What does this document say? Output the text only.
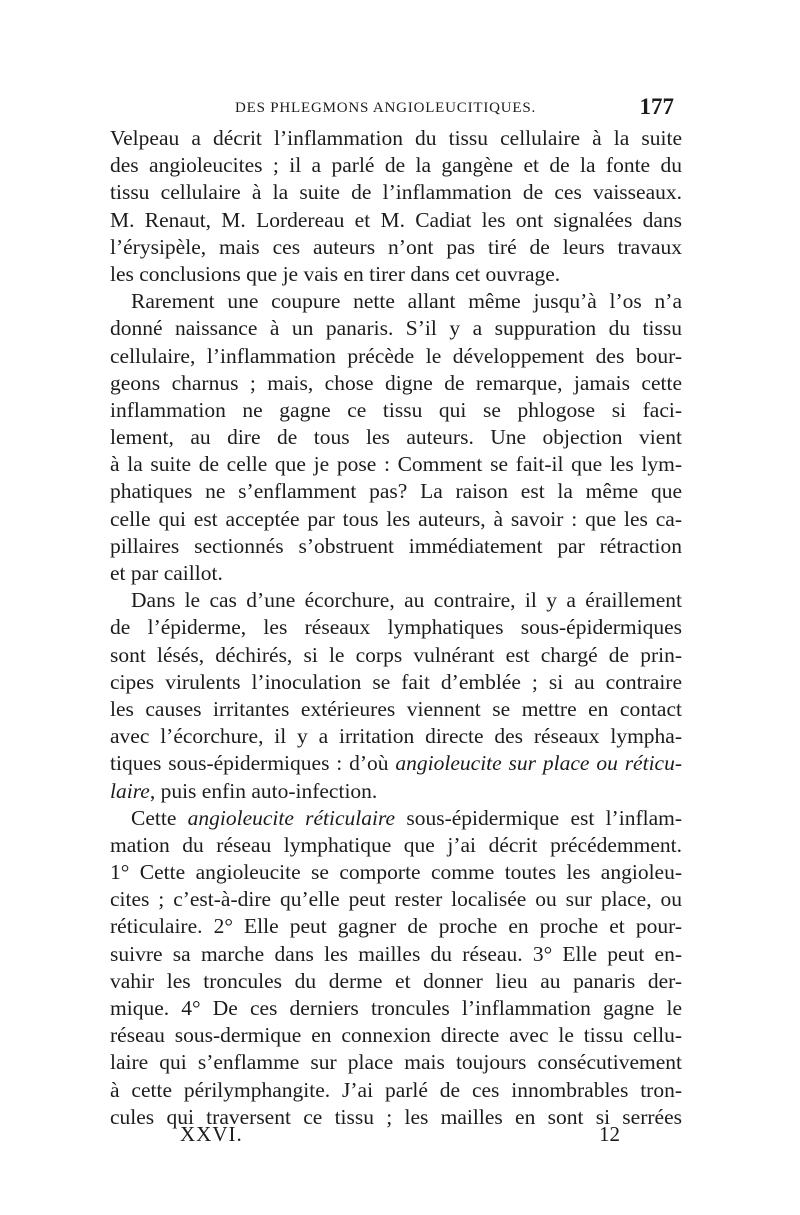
DES PHLEGMONS ANGIOLEUCITIQUES.	177
Velpeau a décrit l’inflammation du tissu cellulaire à la suite
des angioleucites ; il a parlé de la gangène et de la fonte du
tissu cellulaire à la suite de l’inflammation de ces vaisseaux.
M. Renaut, M. Lordereau et M. Cadiat les ont signalées dans
l’érysipèle, mais ces auteurs n’ont pas tiré de leurs travaux
les conclusions que je vais en tirer dans cet ouvrage.
Rarement une coupure nette allant même jusqu’à l’os n’a
donné naissance à un panaris. S’il y a suppuration du tissu
cellulaire, l’inflammation précède le développement des bour-
geons charnus ; mais, chose digne de remarque, jamais cette
inflammation ne gagne ce tissu qui se phlogose si faci-
lement, au dire de tous les auteurs. Une objection vient
à la suite de celle que je pose : Comment se fait-il que les lym-
phatiques ne s’enflamment pas? La raison est la même que
celle qui est acceptée par tous les auteurs, à savoir : que les ca-
pillaires sectionnés s’obstruent immédiatement par rétraction
et par caillot.
Dans le cas d’une écorchure, au contraire, il y a éraillement
de l’épiderme, les réseaux lymphatiques sous-épidermiques
sont lésés, déchirés, si le corps vulnérant est chargé de prin-
cipes virulents l’inoculation se fait d’emblée ; si au contraire
les causes irritantes extérieures viennent se mettre en contact
avec l’écorchure, il y a irritation directe des réseaux lympha-
tiques sous-épidermiques : d’où angioleucite sur place ou réticu-
laire, puis enfin auto-infection.
Cette angioleucite réticulaire sous-épidermique est l’inflam-
mation du réseau lymphatique que j’ai décrit précédemment.
1° Cette angioleucite se comporte comme toutes les angioleu-
cites ; c’est-à-dire qu’elle peut rester localisée ou sur place, ou
réticulaire. 2° Elle peut gagner de proche en proche et pour-
suivre sa marche dans les mailles du réseau. 3° Elle peut en-
vahir les troncules du derme et donner lieu au panaris der-
mique. 4° De ces derniers troncules l’inflammation gagne le
réseau sous-dermique en connexion directe avec le tissu cellu-
laire qui s’enflamme sur place mais toujours consécutivement
à cette périlymphangite. J’ai parlé de ces innombrables tron-
cules qui traversent ce tissu ; les mailles en sont si serrées
XXVI.	12
